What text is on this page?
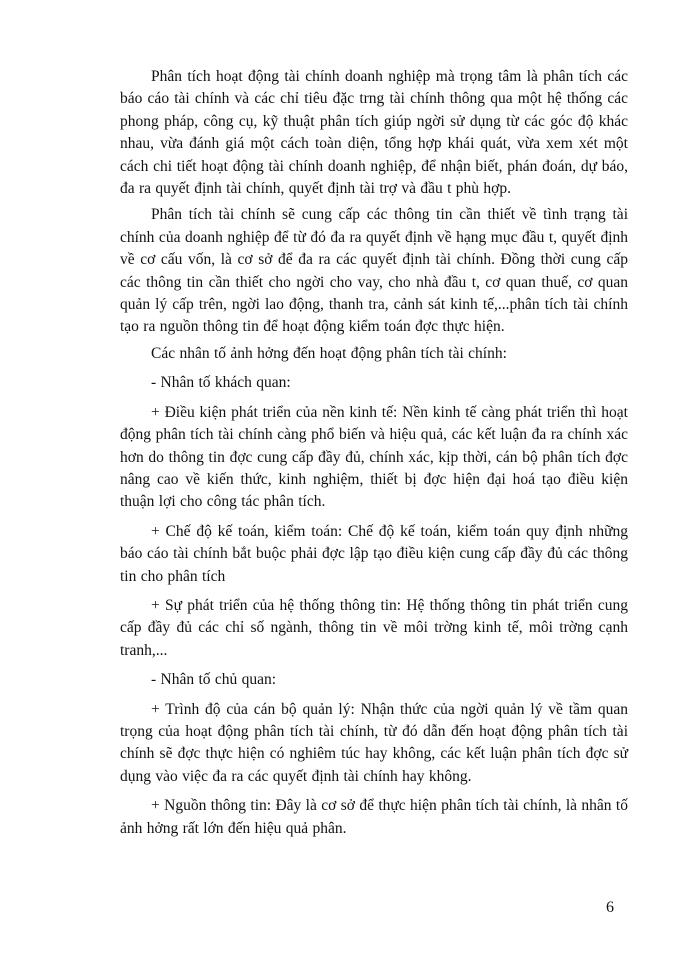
Phân tích hoạt động tài chính doanh nghiệp mà trọng tâm là phân tích các báo cáo tài chính và các chỉ tiêu đặc trng tài chính thông qua một hệ thống các phong pháp, công cụ, kỹ thuật phân tích giúp ngời sử dụng từ các góc độ khác nhau, vừa đánh giá một cách toàn diện, tổng hợp khái quát, vừa xem xét một cách chi tiết hoạt động tài chính doanh nghiệp, để nhận biết, phán đoán, dự báo, đa ra quyết định tài chính, quyết định tài trợ và đầu t phù hợp.

Phân tích tài chính sẽ cung cấp các thông tin cần thiết về tình trạng tài chính của doanh nghiệp để từ đó đa ra quyết định về hạng mục đầu t, quyết định về cơ cấu vốn, là cơ sở để đa ra các quyết định tài chính. Đồng thời cung cấp các thông tin cần thiết cho ngời cho vay, cho nhà đầu t, cơ quan thuế, cơ quan quản lý cấp trên, ngời lao động, thanh tra, cảnh sát kinh tế,...phân tích tài chính tạo ra nguồn thông tin để hoạt động kiểm toán đợc thực hiện.

Các nhân tố ảnh hởng đến hoạt động phân tích tài chính:

- Nhân tố khách quan:

+ Điều kiện phát triển của nền kinh tế: Nền kinh tế càng phát triển thì hoạt động phân tích tài chính càng phổ biến và hiệu quả, các kết luận đa ra chính xác hơn do thông tin đợc cung cấp đầy đủ, chính xác, kịp thời, cán bộ phân tích đợc nâng cao về kiến thức, kinh nghiệm, thiết bị đợc hiện đại hoá tạo điều kiện thuận lợi cho công tác phân tích.

+ Chế độ kế toán, kiểm toán: Chế độ kế toán, kiểm toán quy định những báo cáo tài chính bắt buộc phải đợc lập tạo điều kiện cung cấp đầy đủ các thông tin cho phân tích

+ Sự phát triển của hệ thống thông tin: Hệ thống thông tin phát triển cung cấp đầy đủ các chỉ số ngành, thông tin về môi trờng kinh tế, môi trờng cạnh tranh,...

- Nhân tố chủ quan:

+ Trình độ của cán bộ quản lý: Nhận thức của ngời quản lý về tầm quan trọng của hoạt động phân tích tài chính, từ đó dẫn đến hoạt động phân tích tài chính sẽ đợc thực hiện có nghiêm túc hay không, các kết luận phân tích đợc sử dụng vào việc đa ra các quyết định tài chính hay không.

+ Nguồn thông tin: Đây là cơ sở để thực hiện phân tích tài chính, là nhân tố ảnh hởng rất lớn đến hiệu quả phân.

6
